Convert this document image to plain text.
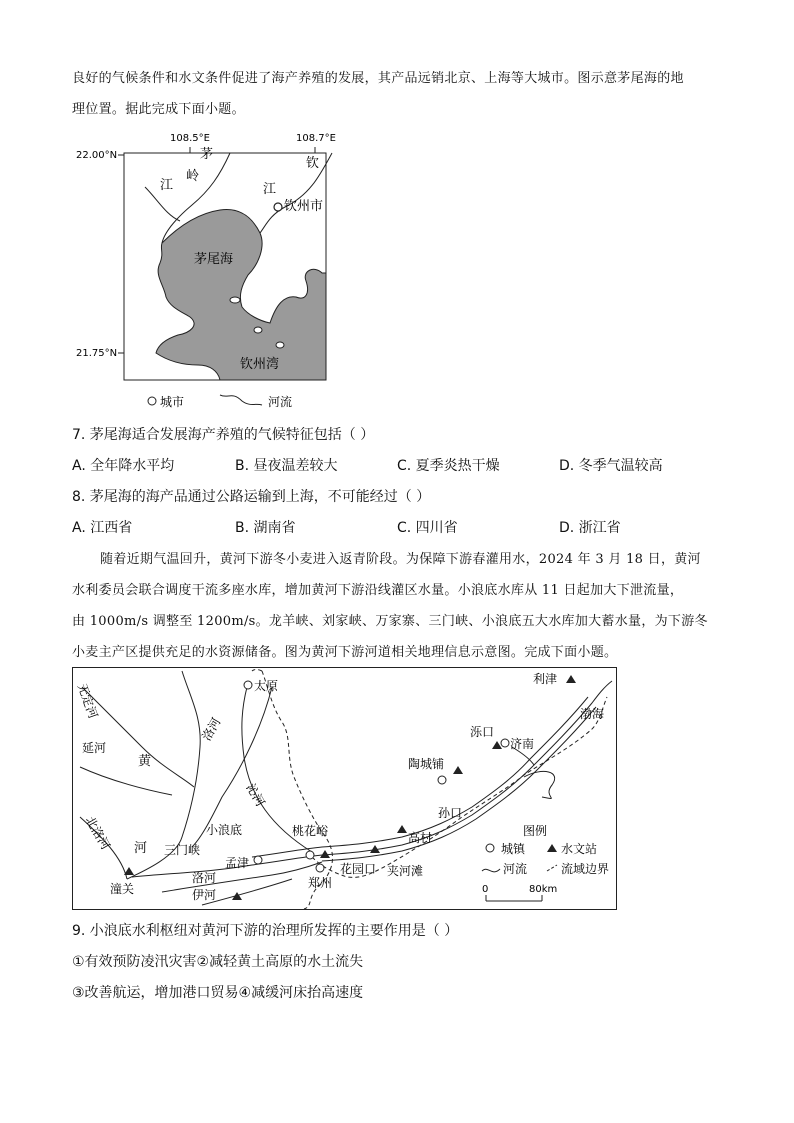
良好的气候条件和水文条件促进了海产养殖的发展，其产品远销北京、上海等大城市。图示意茅尾海的地
理位置。据此完成下面小题。
108.5°E	108.7°E
22.00°N
21.75°N
茅
岭
江
钦
江
钦州市
茅尾海
钦州湾
城市	河流
7. 茅尾海适合发展海产养殖的气候特征包括（ ）
A. 全年降水平均	B. 昼夜温差较大	C. 夏季炎热干燥	D. 冬季气温较高
8. 茅尾海的海产品通过公路运输到上海，不可能经过（ ）
A. 江西省	B. 湖南省	C. 四川省	D. 浙江省
随着近期气温回升，黄河下游冬小麦进入返青阶段。为保障下游春灌用水，2024 年 3 月 18 日，黄河
水利委员会联合调度干流多座水库，增加黄河下游沿线灌区水量。小浪底水库从 11 日起加大下泄流量，
由 1000m/s 调整至 1200m/s。龙羊峡、刘家峡、万家寨、三门峡、小浪底五大水库加大蓄水量，为下游冬
小麦主产区提供充足的水资源储备。图为黄河下游河道相关地理信息示意图。完成下面小题。
无定河	太原
延河
洛河
黄
河
北洛河
沁河
小浪底
三门峡
桃花峪
孟津
洛河
伊河
郑州
潼关
花园口 夹河滩
高村
孙口
陶城铺
泺口
济南
利津
渤海
图例
城镇	水文站
河流	流域边界
0	80km
9. 小浪底水利枢纽对黄河下游的治理所发挥的主要作用是（ ）
①有效预防凌汛灾害②减轻黄土高原的水土流失
③改善航运，增加港口贸易④减缓河床抬高速度
